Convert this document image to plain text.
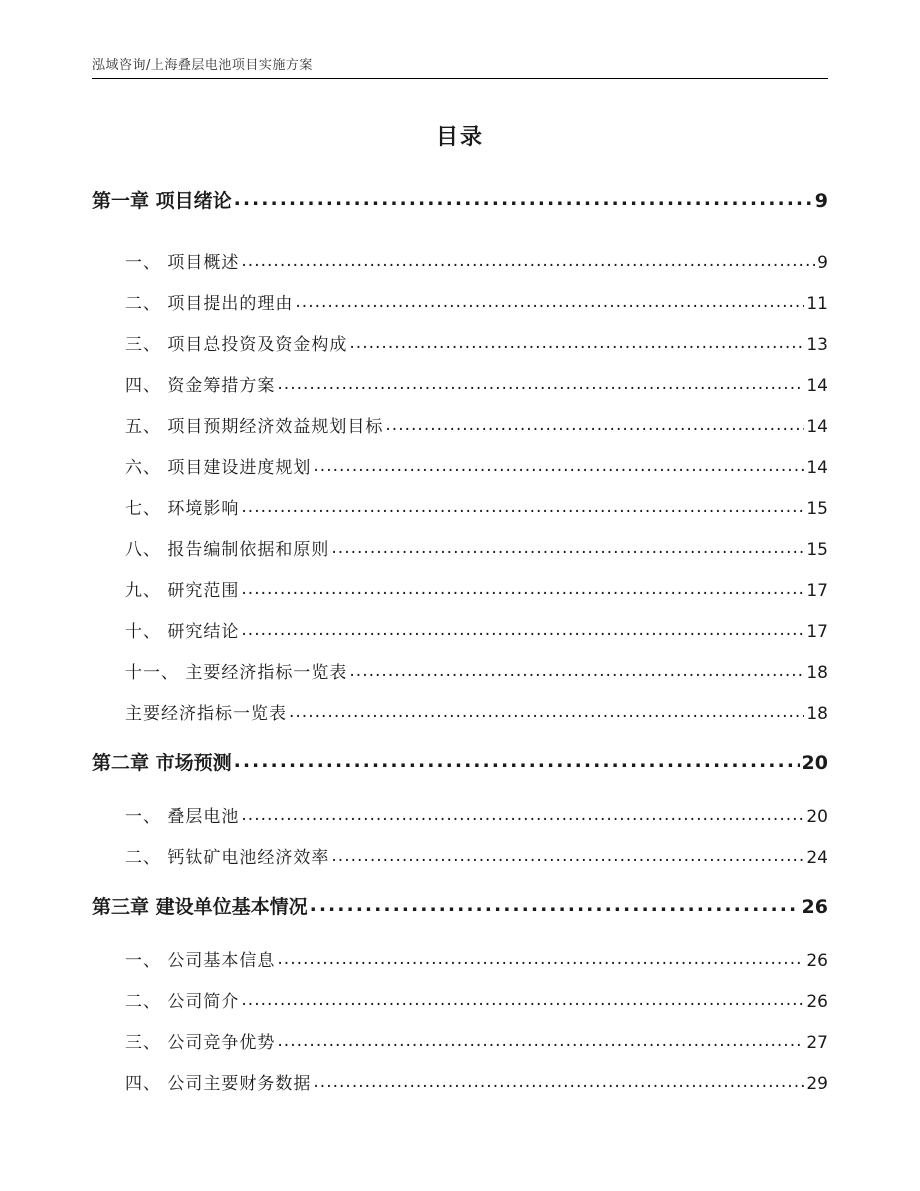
泓域咨询/上海叠层电池项目实施方案
目录
第一章 项目绪论 .....	9
一、 项目概述 .....	9
二、 项目提出的理由 .....	11
三、 项目总投资及资金构成 .....	13
四、 资金筹措方案 .....	14
五、 项目预期经济效益规划目标 .....	14
六、 项目建设进度规划 .....	14
七、 环境影响 .....	15
八、 报告编制依据和原则 .....	15
九、 研究范围 .....	17
十、 研究结论 .....	17
十一、 主要经济指标一览表 .....	18
主要经济指标一览表 .....	18
第二章 市场预测 .....	20
一、 叠层电池 .....	20
二、 钙钛矿电池经济效率 .....	24
第三章 建设单位基本情况 .....	26
一、 公司基本信息 .....	26
二、 公司简介 .....	26
三、 公司竞争优势 .....	27
四、 公司主要财务数据 .....	29
